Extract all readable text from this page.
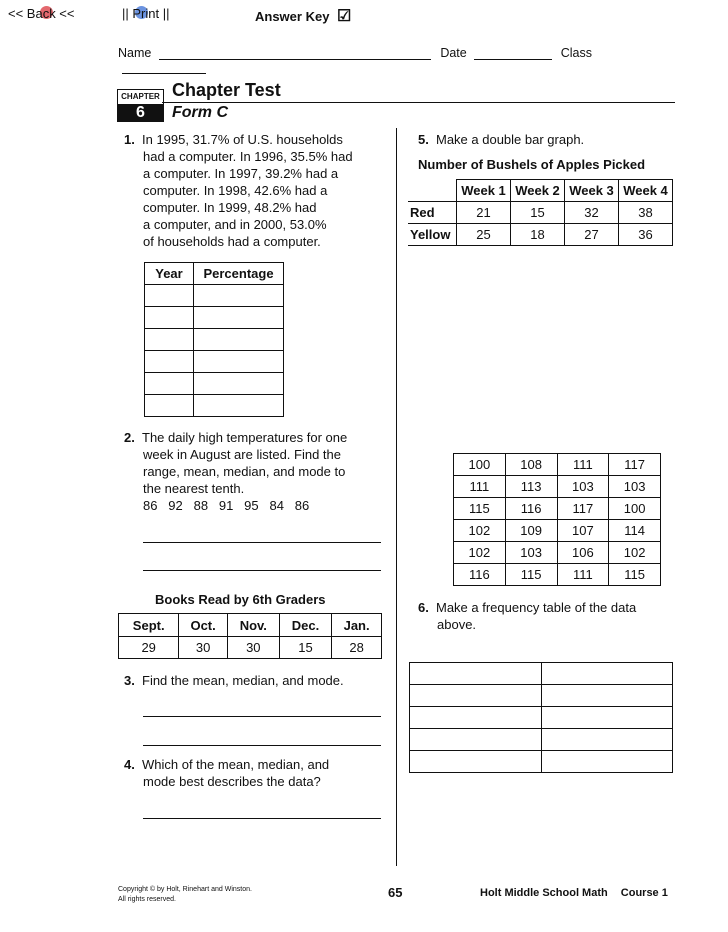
<< Back <<	|| Print ||	Answer Key ☑
Name	Date	Class
CHAPTER
6
Chapter Test
Form C
1. In 1995, 31.7% of U.S. households
had a computer. In 1996, 35.5% had
a computer. In 1997, 39.2% had a
computer. In 1998, 42.6% had a
computer. In 1999, 48.2% had
a computer, and in 2000, 53.0%
of households had a computer.
Year	Percentage

2. The daily high temperatures for one
week in August are listed. Find the
range, mean, median, and mode to
the nearest tenth.
86   92   88   91   95   84   86
Books Read by 6th Graders
Sept.	Oct.	Nov.	Dec.	Jan.
29	30	30	15	28
3. Find the mean, median, and mode.
4. Which of the mean, median, and
mode best describes the data?
5. Make a double bar graph.
Number of Bushels of Apples Picked
	Week 1	Week 2	Week 3	Week 4
Red	21	15	32	38
Yellow	25	18	27	36
100	108	111	117
111	113	103	103
115	116	117	100
102	109	107	114
102	103	106	102
116	115	111	115
6. Make a frequency table of the data
above.

Copyright © by Holt, Rinehart and Winston.
All rights reserved.	65	Holt Middle School Math Course 1
